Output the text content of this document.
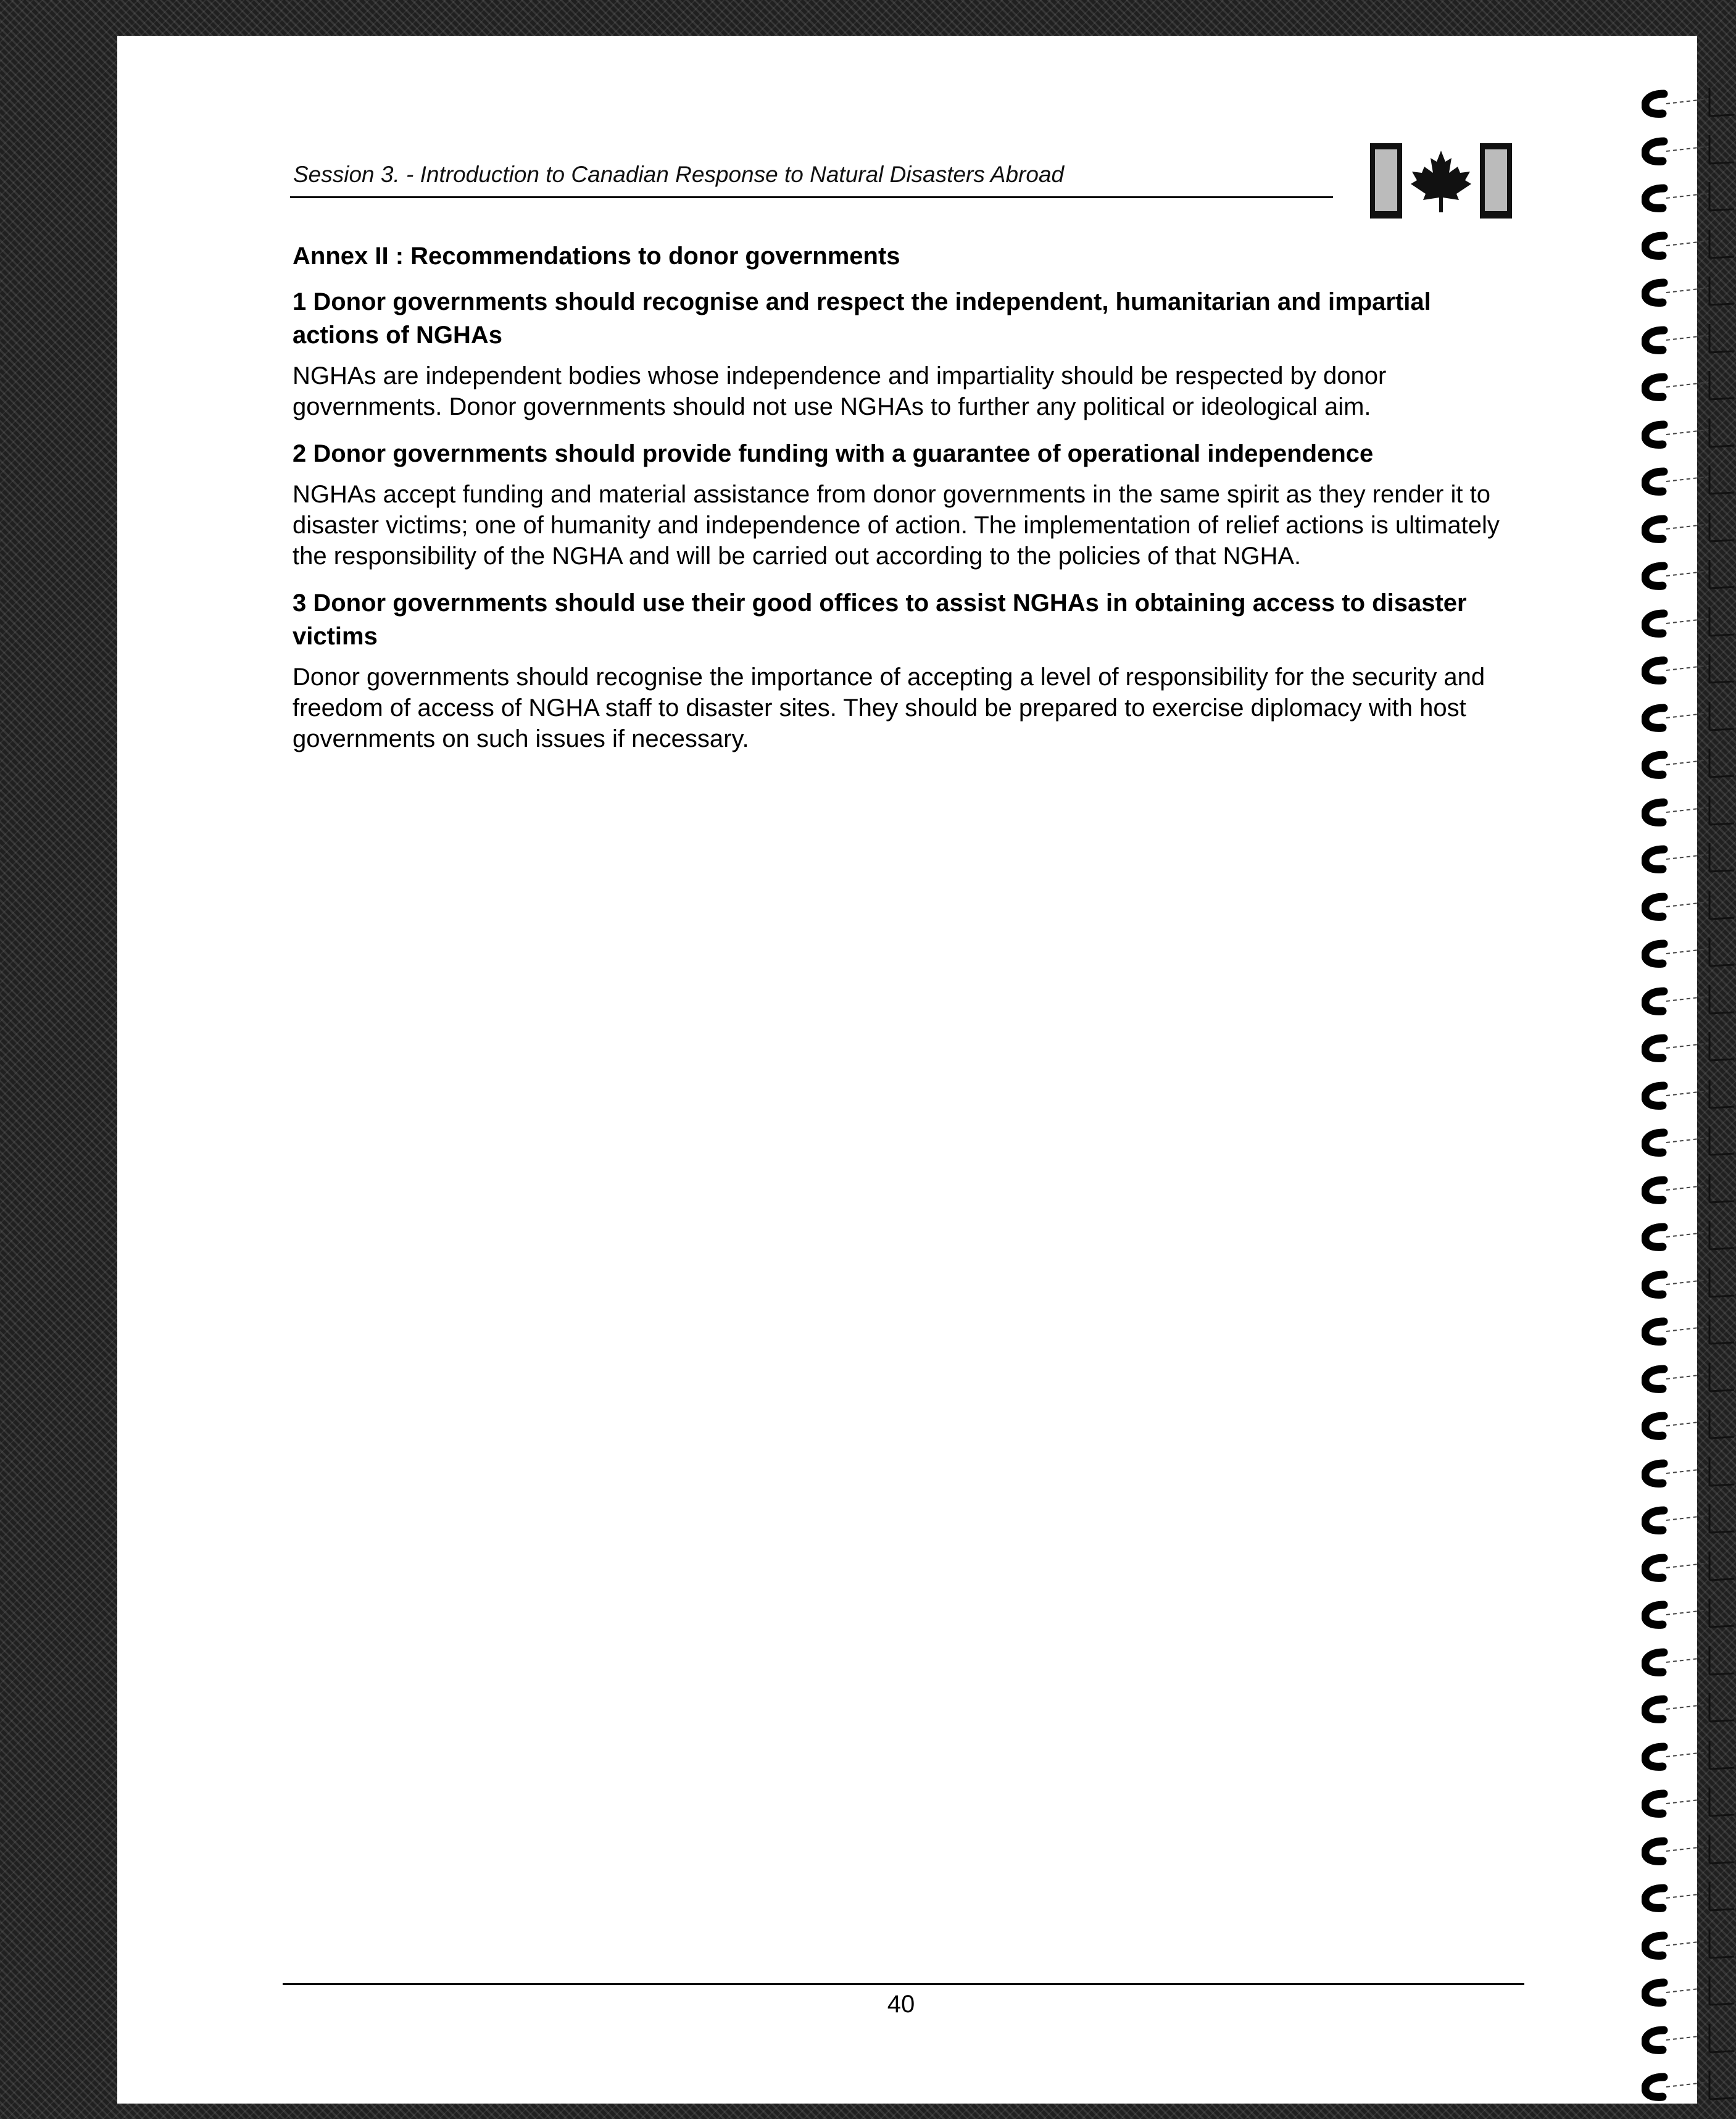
Session 3. - Introduction to Canadian Response to Natural Disasters Abroad
Annex II : Recommendations to donor governments
1 Donor governments should recognise and respect the independent, humanitarian and impartial actions of NGHAs
NGHAs are independent bodies whose independence and impartiality should be respected by donor governments. Donor governments should not use NGHAs to further any political or ideological aim.
2 Donor governments should provide funding with a guarantee of operational independence
NGHAs accept funding and material assistance from donor governments in the same spirit as they render it to disaster victims; one of humanity and independence of action. The implementation of relief actions is ultimately the responsibility of the NGHA and will be carried out according to the policies of that NGHA.
3 Donor governments should use their good offices to assist NGHAs in obtaining access to disaster victims
Donor governments should recognise the importance of accepting a level of responsibility for the security and freedom of access of NGHA staff to disaster sites. They should be prepared to exercise diplomacy with host governments on such issues if necessary.
40
